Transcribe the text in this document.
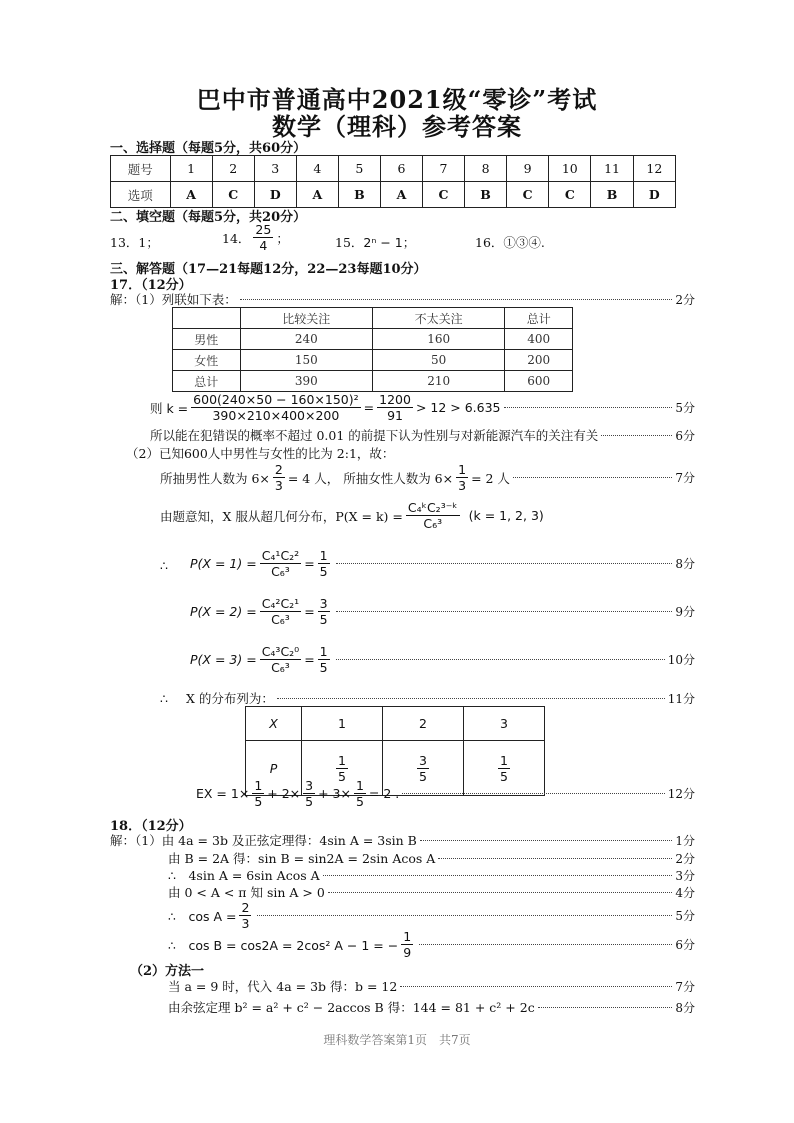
巴中市普通高中2021级“零诊”考试
数学（理科）参考答案
一、选择题（每题5分，共60分）
题号	1	2	3	4	5	6	7	8	9	10	11	12
选项	A	C	D	A	B	A	C	B	C	C	B	D
二、填空题（每题5分，共20分）
13．1；	14． $\frac{25}{4}$ ；	15．2ⁿ − 1；	16．①③④.
三、解答题（17—21每题12分，22—23每题10分）
17．（12分）
解：（1）列联如下表：	2分
	比较关注	不太关注	总计
男性	240	160	400
女性	150	50	200
总计	390	210	600
则 $k = \frac{\text{600(240×50 − 160×150)²}}{390\times 210\times 400\times 200} = \frac{1200}{91} > 12 > 6.635$	5分
所以能在犯错误的概率不超过 0.01 的前提下认为性别与对新能源汽车的关注有关	6分
（2）已知600人中男性与女性的比为 2:1，故：
所抽男性人数为 $6\times \frac{2}{3} = 4$ 人， 所抽女性人数为 $6\times \frac{1}{3} = 2$ 人	7分
由题意知，X 服从超几何分布，$P(X = k) = \frac{\text{C₄ᵏC₂³⁻ᵏ}}{\text{C₆³}} (k = 1$, 2, 3)
∴ $P(X = 1) = \frac{\text{C₄¹C₂²}}{\text{C₆³}} = \frac{1}{5}$	8分
$P(X = 2) = \frac{\text{C₄²C₂¹}}{\text{C₆³}} = \frac{3}{5}$	9分
$P(X = 3) = \frac{\text{C₄³C₂⁰}}{\text{C₆³}} = \frac{1}{5}$	10分
∴ X 的分布列为：	11分
X	1	2	3
P	$\frac{1}{5}$	$\frac{3}{5}$	$\frac{1}{5}$
EX = $1\times \frac{1}{5} + 2\times \frac{3}{5} + 3\times \frac{1}{5} = 2$ .	12分
18．（12分）
解：（1）由 4a = 3b 及正弦定理得：4sin A = 3sin B	1分
由 B = 2A 得：sin B = sin2A = 2sin Acos A	2分
∴　4sin A = 6sin Acos A	3分
由 0 < A < π 知 sin A > 0	4分
∴　$\cos A = \frac{2}{3}$	5分
∴　cos B = cos2A = 2cos² A − 1 = − $\frac{1}{9}$	6分
（2）方法一
当 a = 9 时，代入 4a = 3b 得：b = 12	7分
由余弦定理 b² = a² + c² − 2accos B 得：144 = 81 + c² + 2c	8分
理科数学答案第1页　共7页
